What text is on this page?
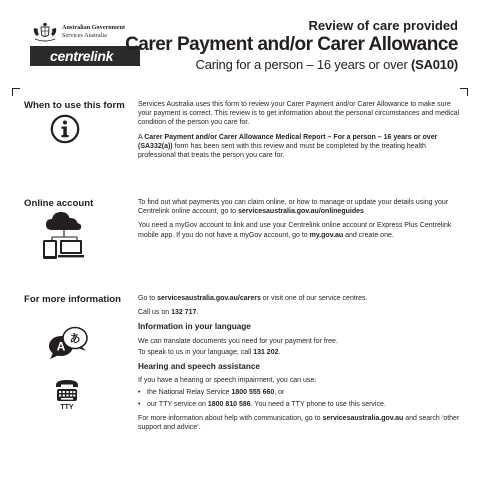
Australian Government
Services Australia
centrelink
Review of care provided
Carer Payment and/or Carer Allowance
Caring for a person – 16 years or over (SA010)
When to use this form Services Australia uses this form to review your Carer Payment and/or Carer Allowance to make sure your payment is correct. This review is to get information about the personal circumstances and medical condition of the person you care for.

A Carer Payment and/or Carer Allowance Medical Report – For a person – 16 years or over (SA332(a)) form has been sent with this review and must be completed by the treating health professional that treats the person you care for.

Online account	To find out what payments you can claim online, or how to manage or update your details using your Centrelink online account, go to servicesaustralia.gov.au/onlineguides

You need a myGov account to link and use your Centrelink online account or Express Plus Centrelink mobile app. If you do not have a myGov account, go to my.gov.au and create one.

For more information
A
あ
TTY

Go to servicesaustralia.gov.au/carers or visit one of our service centres.

Call us on 132 717.

Information in your language

We can translate documents you need for your payment for free.

To speak to us in your language, call 131 202.

Hearing and speech assistance

If you have a hearing or speech impairment, you can use:

• the National Relay Service 1800 555 660, or
• our TTY service on 1800 810 586. You need a TTY phone to use this service.

For more information about help with communication, go to servicesaustralia.gov.au and search ‘other support and advice’.
